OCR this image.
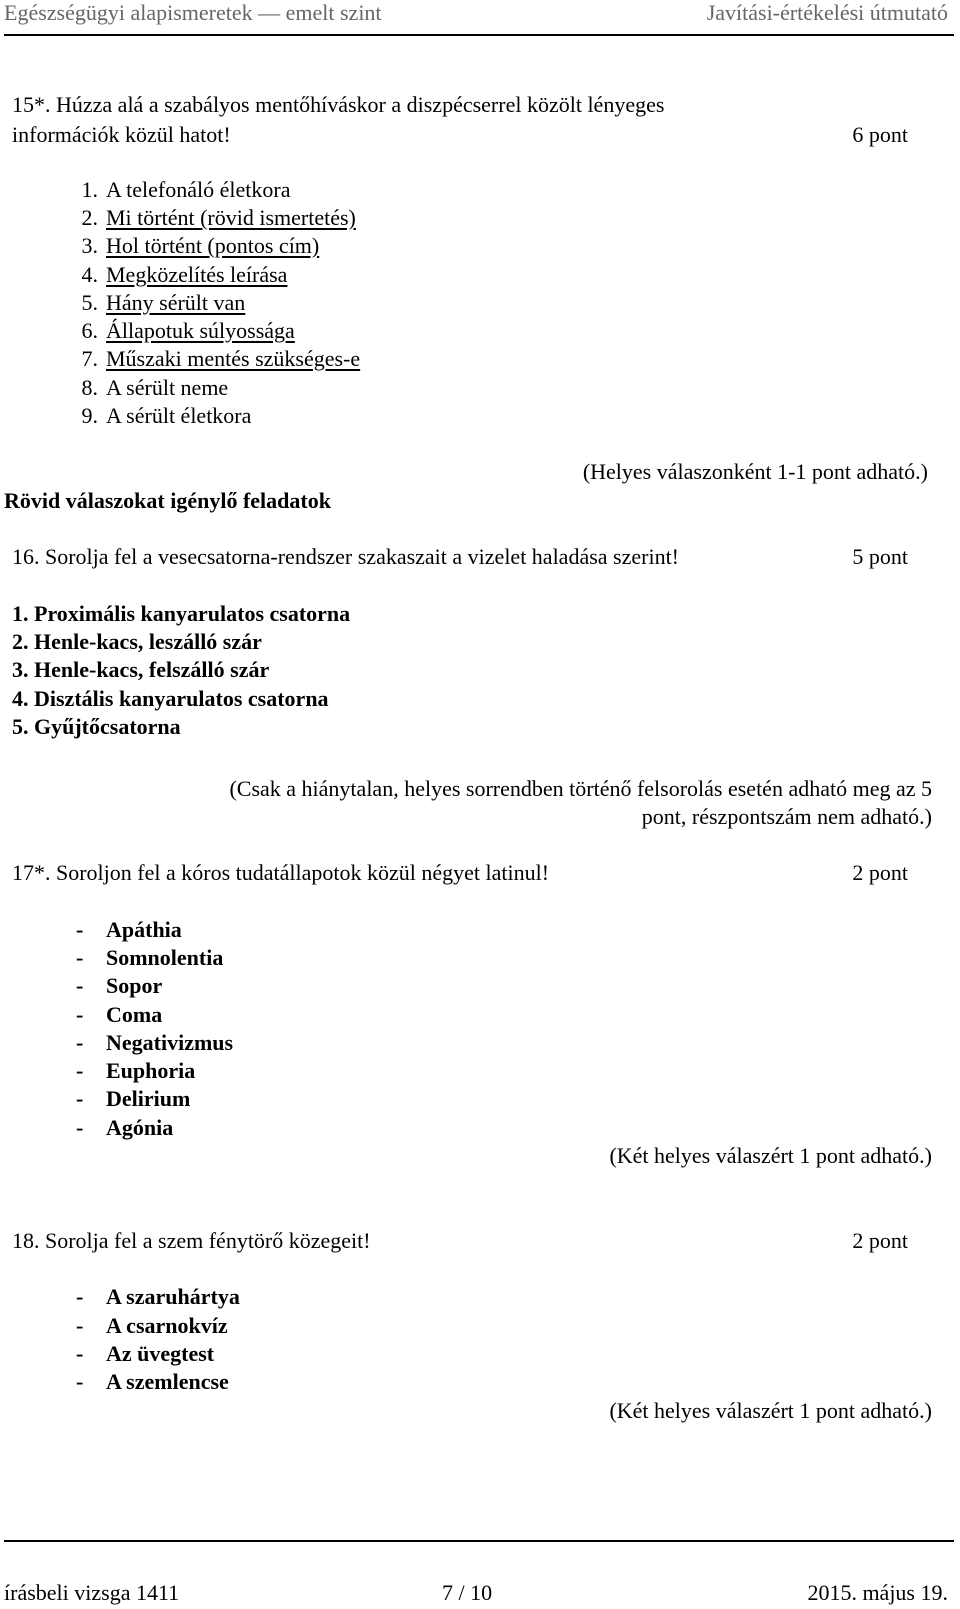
Egészségügyi alapismeretek — emelt szint	Javítási-értékelési útmutató
15*. Húzza alá a szabályos mentőhíváskor a diszpécserrel közölt lényeges
információk közül hatot!	6 pont
1. A telefonáló életkora
2. Mi történt (rövid ismertetés)
3. Hol történt (pontos cím)
4. Megközelítés leírása
5. Hány sérült van
6. Állapotuk súlyossága
7. Műszaki mentés szükséges-e
8. A sérült neme
9. A sérült életkora
(Helyes válaszonként 1-1 pont adható.)
Rövid válaszokat igénylő feladatok
16. Sorolja fel a vesecsatorna-rendszer szakaszait a vizelet haladása szerint!	5 pont
1. Proximális kanyarulatos csatorna
2. Henle-kacs, leszálló szár
3. Henle-kacs, felszálló szár
4. Disztális kanyarulatos csatorna
5. Gyűjtőcsatorna
(Csak a hiánytalan, helyes sorrendben történő felsorolás esetén adható meg az 5
pont, részpontszám nem adható.)
17*. Soroljon fel a kóros tudatállapotok közül négyet latinul!	2 pont
- Apáthia
- Somnolentia
- Sopor
- Coma
- Negativizmus
- Euphoria
- Delirium
- Agónia
(Két helyes válaszért 1 pont adható.)
18. Sorolja fel a szem fénytörő közegeit!	2 pont
- A szaruhártya
- A csarnokvíz
- Az üvegtest
- A szemlencse
(Két helyes válaszért 1 pont adható.)
írásbeli vizsga 1411	7 / 10	2015. május 19.
